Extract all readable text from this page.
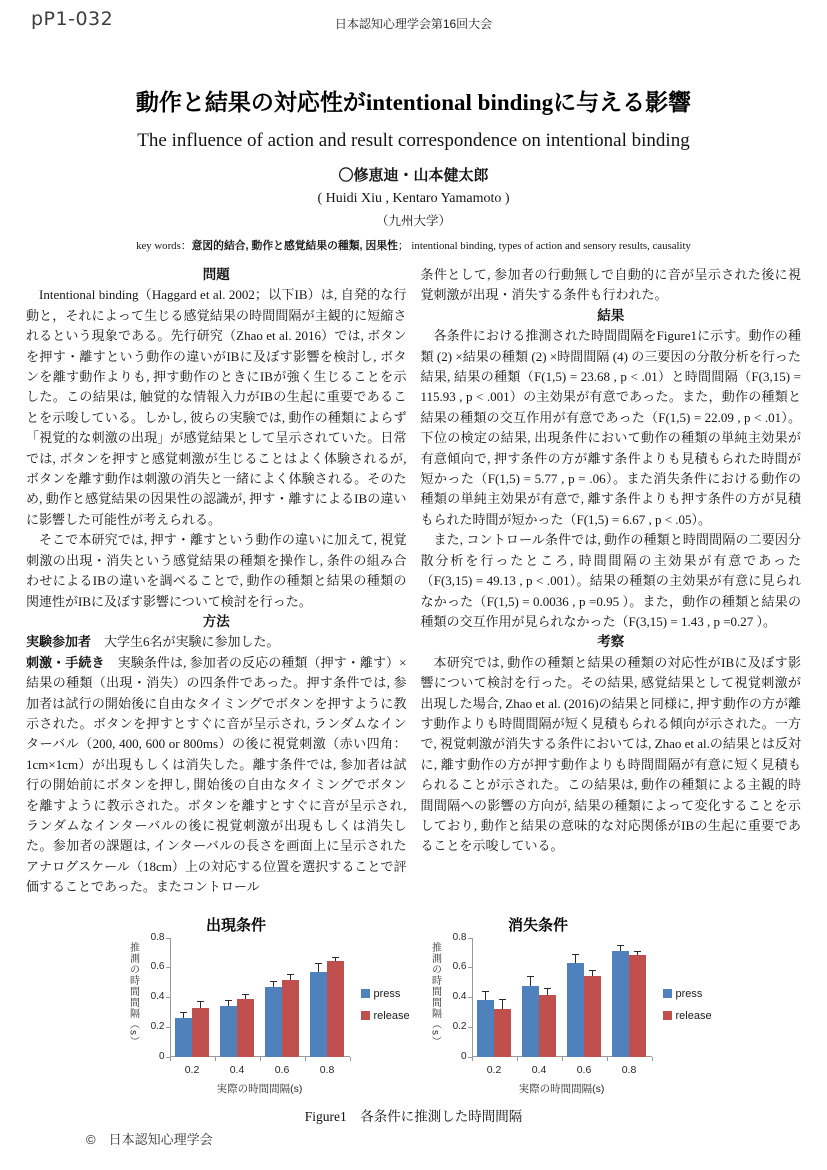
pP1-032	日本認知心理学会第16回大会
動作と結果の対応性がintentional bindingに与える影響
The influence of action and result correspondence on intentional binding
〇修恵迪・山本健太郎
( Huidi Xiu , Kentaro Yamamoto )
（九州大学）
key words：意図的結合, 動作と感覚結果の種類, 因果性； intentional binding, types of action and sensory results, causality
問題
Intentional binding（Haggard et al. 2002；以下IB）は, 自発的な行動と，それによって生じる感覚結果の時間間隔が主観的に短縮されるという現象である。先行研究（Zhao et al. 2016）では, ボタンを押す・離すという動作の違いがIBに及ぼす影響を検討し, ボタンを離す動作よりも, 押す動作のときにIBが強く生じることを示した。この結果は, 触覚的な情報入力がIBの生起に重要であることを示唆している。しかし, 彼らの実験では, 動作の種類によらず「視覚的な刺激の出現」が感覚結果として呈示されていた。日常では, ボタンを押すと感覚刺激が生じることはよく体験されるが, ボタンを離す動作は刺激の消失と一緒によく体験される。そのため, 動作と感覚結果の因果性の認識が, 押す・離すによるIBの違いに影響した可能性が考えられる。
そこで本研究では, 押す・離すという動作の違いに加えて, 視覚刺激の出現・消失という感覚結果の種類を操作し, 条件の組み合わせによるIBの違いを調べることで, 動作の種類と結果の種類の関連性がIBに及ぼす影響について検討を行った。
方法
実験参加者　大学生6名が実験に参加した。
刺激・手続き　実験条件は, 参加者の反応の種類（押す・離す）×結果の種類（出現・消失）の四条件であった。押す条件では, 参加者は試行の開始後に自由なタイミングでボタンを押すように教示された。ボタンを押すとすぐに音が呈示され, ランダムなインターバル（200, 400, 600 or 800ms）の後に視覚刺激（赤い四角：1cm×1cm）が出現もしくは消失した。離す条件では, 参加者は試行の開始前にボタンを押し, 開始後の自由なタイミングでボタンを離すように教示された。ボタンを離すとすぐに音が呈示され, ランダムなインターバルの後に視覚刺激が出現もしくは消失した。参加者の課題は, インターバルの長さを画面上に呈示されたアナログスケール（18cm）上の対応する位置を選択することで評価することであった。またコントロール
条件として, 参加者の行動無しで自動的に音が呈示された後に視覚刺激が出現・消失する条件も行われた。
結果
各条件における推測された時間間隔をFigure1に示す。動作の種類 (2) ×結果の種類 (2) ×時間間隔 (4) の三要因の分散分析を行った結果, 結果の種類（F(1,5) = 23.68 , p < .01）と時間間隔（F(3,15) = 115.93 , p < .001）の主効果が有意であった。また，動作の種類と結果の種類の交互作用が有意であった（F(1,5) = 22.09 , p < .01）。下位の検定の結果, 出現条件において動作の種類の単純主効果が有意傾向で, 押す条件の方が離す条件よりも見積もられた時間が短かった（F(1,5) = 5.77 , p = .06）。また消失条件における動作の種類の単純主効果が有意で, 離す条件よりも押す条件の方が見積もられた時間が短かった（F(1,5) = 6.67 , p < .05）。
また, コントロール条件では, 動作の種類と時間間隔の二要因分散分析を行ったところ, 時間間隔の主効果が有意であった（F(3,15) = 49.13 , p < .001）。結果の種類の主効果が有意に見られなかった（F(1,5) = 0.0036 , p =0.95 ）。また，動作の種類と結果の種類の交互作用が見られなかった（F(3,15) = 1.43 , p =0.27 ）。
考察
本研究では, 動作の種類と結果の種類の対応性がIBに及ぼす影響について検討を行った。その結果, 感覚結果として視覚刺激が出現した場合, Zhao et al. (2016)の結果と同様に, 押す動作の方が離す動作よりも時間間隔が短く見積もられる傾向が示された。一方で, 視覚刺激が消失する条件においては, Zhao et al.の結果とは反対に, 離す動作の方が押す動作よりも時間間隔が有意に短く見積もられることが示された。この結果は, 動作の種類による主観的時間間隔への影響の方向が, 結果の種類によって変化することを示しており, 動作と結果の意味的な対応関係がIBの生起に重要であることを示唆している。
出現条件
推測の時間間隔（s）
0
0.2
0.4
0.6
0.8
0.2	0.4	0.6	0.8
実際の時間間隔(s)
press
release
消失条件
推測の時間間隔（s）
0
0.2
0.4
0.6
0.8
0.2	0.4	0.6	0.8
実際の時間間隔(s)
press
release
Figure1　各条件に推測した時間間隔
©　日本認知心理学会
